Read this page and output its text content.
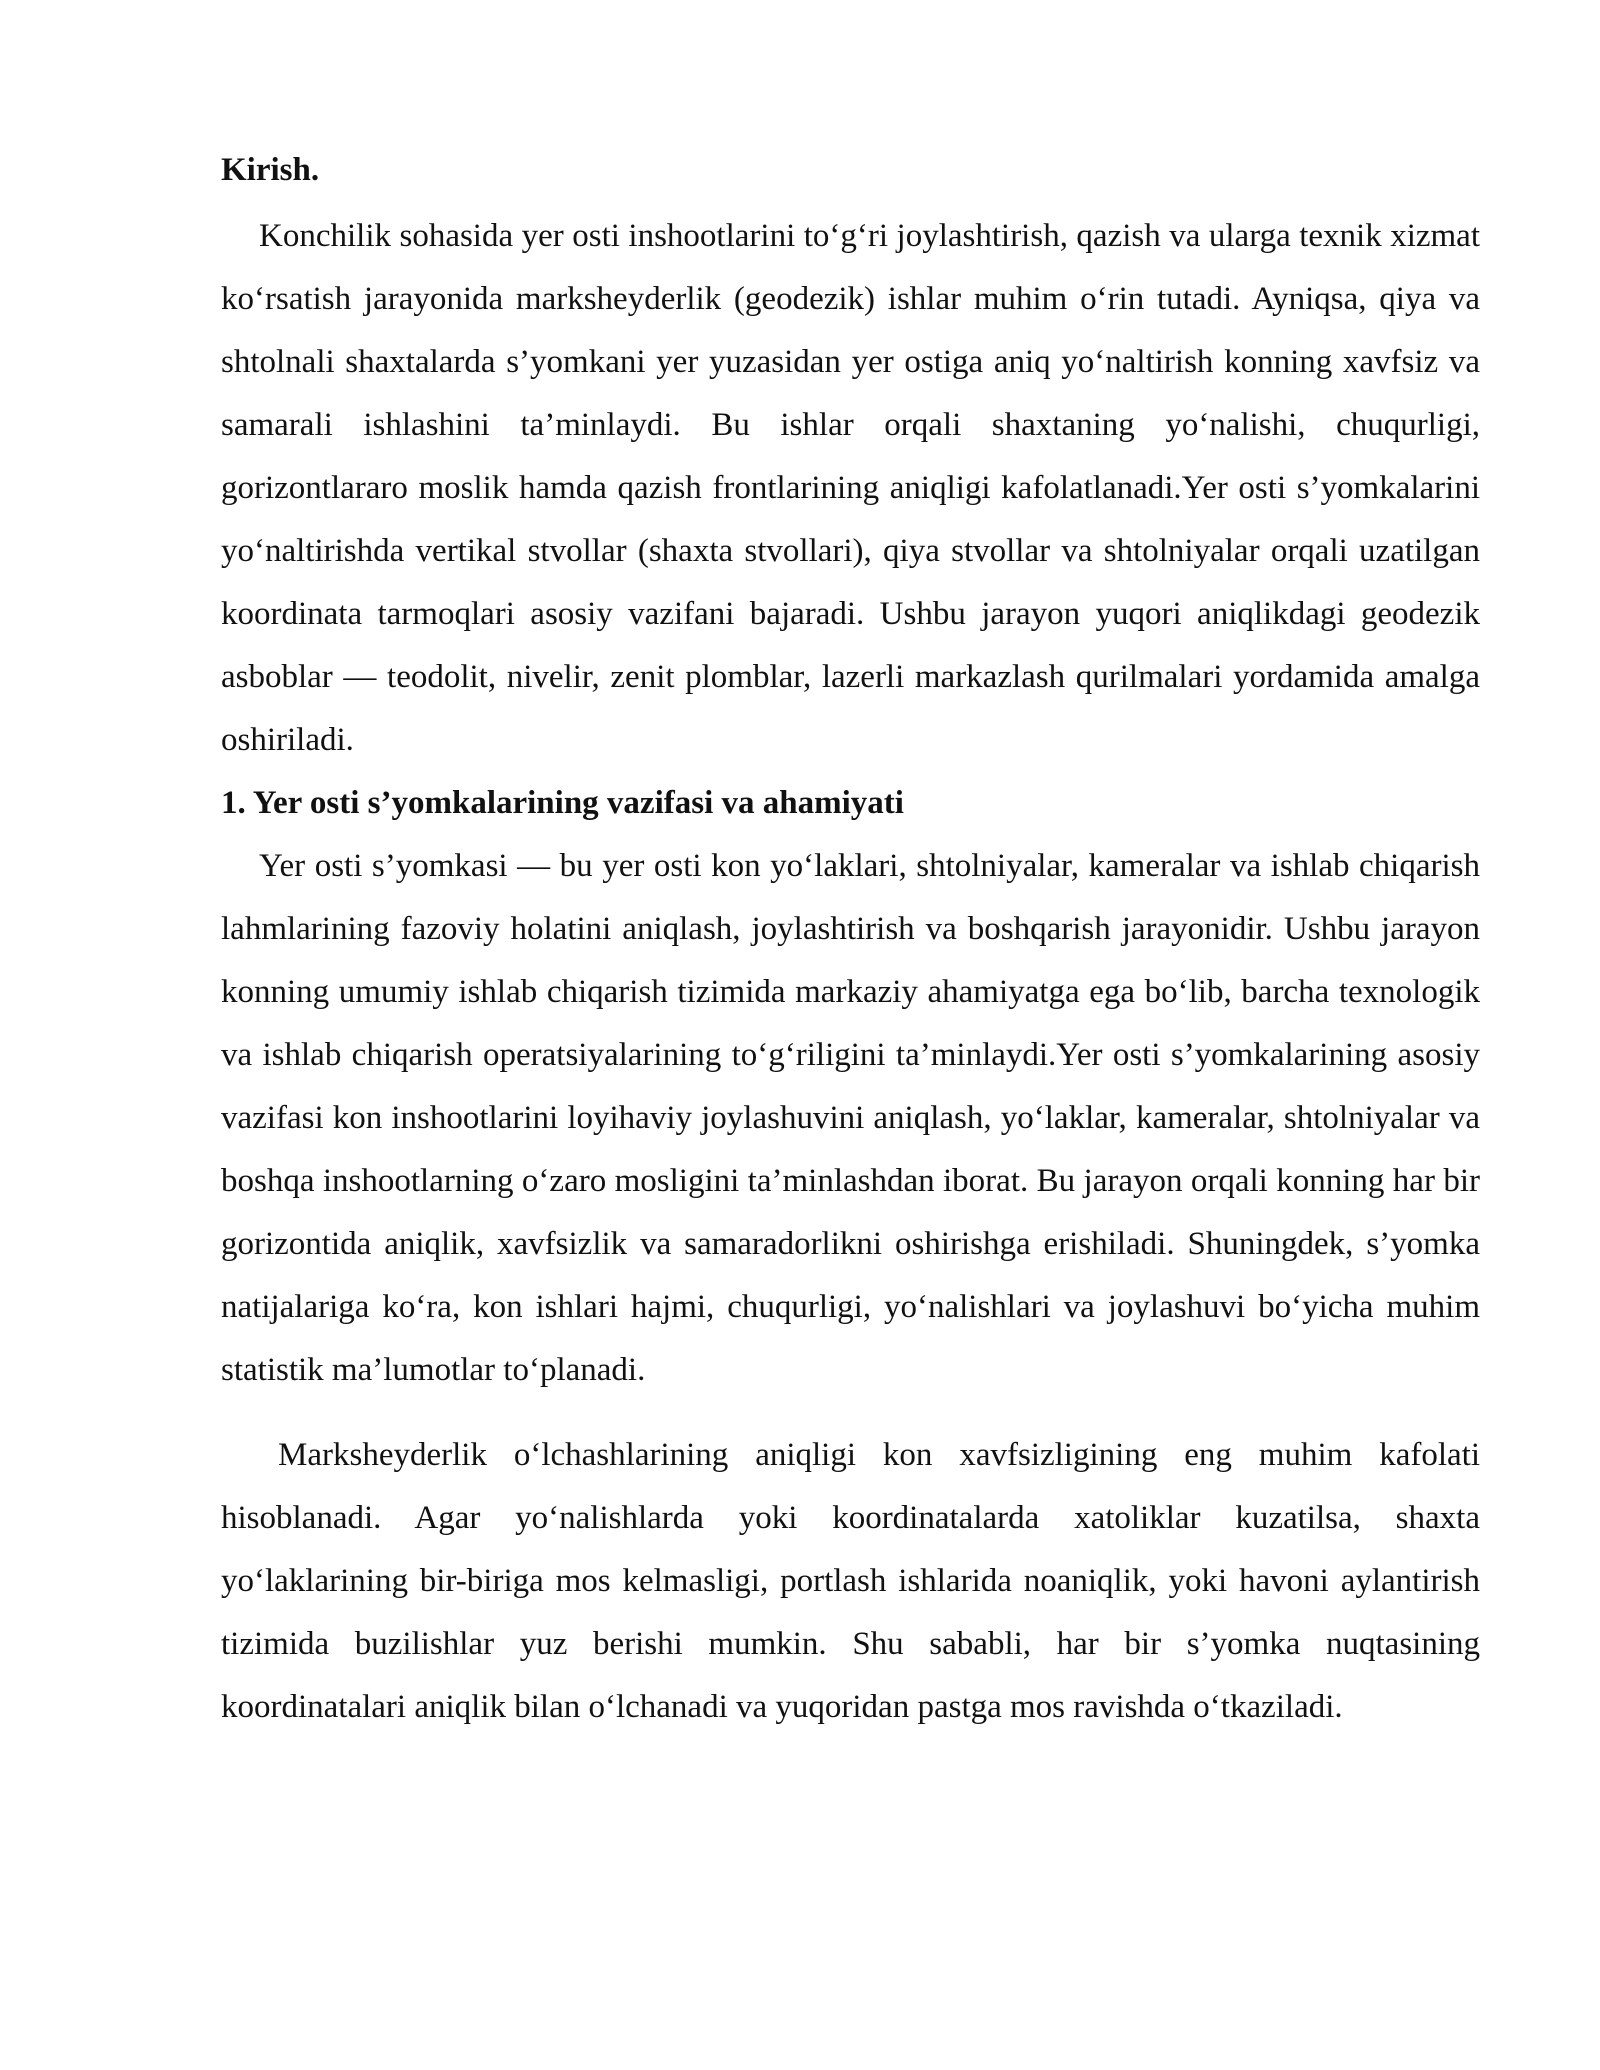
Kirish.

Konchilik sohasida yer osti inshootlarini to‘g‘ri joylashtirish, qazish va ularga texnik xizmat ko‘rsatish jarayonida marksheyderlik (geodezik) ishlar muhim o‘rin tutadi. Ayniqsa, qiya va shtolnali shaxtalarda s’yomkani yer yuzasidan yer ostiga aniq yo‘naltirish konning xavfsiz va samarali ishlashini ta’minlaydi. Bu ishlar orqali shaxtaning yo‘nalishi, chuqurligi, gorizontlararo moslik hamda qazish frontlarining aniqligi kafolatlanadi.Yer osti s’yomkalarini yo‘naltirishda vertikal stvollar (shaxta stvollari), qiya stvollar va shtolniyalar orqali uzatilgan koordinata tarmoqlari asosiy vazifani bajaradi. Ushbu jarayon yuqori aniqlikdagi geodezik asboblar — teodolit, nivelir, zenit plomblar, lazerli markazlash qurilmalari yordamida amalga oshiriladi.

1. Yer osti s’yomkalarining vazifasi va ahamiyati

Yer osti s’yomkasi — bu yer osti kon yo‘laklari, shtolniyalar, kameralar va ishlab chiqarish lahmlarining fazoviy holatini aniqlash, joylashtirish va boshqarish jarayonidir. Ushbu jarayon konning umumiy ishlab chiqarish tizimida markaziy ahamiyatga ega bo‘lib, barcha texnologik va ishlab chiqarish operatsiyalarining to‘g‘riligini ta’minlaydi.Yer osti s’yomkalarining asosiy vazifasi kon inshootlarini loyihaviy joylashuvini aniqlash, yo‘laklar, kameralar, shtolniyalar va boshqa inshootlarning o‘zaro mosligini ta’minlashdan iborat. Bu jarayon orqali konning har bir gorizontida aniqlik, xavfsizlik va samaradorlikni oshirishga erishiladi. Shuningdek, s’yomka natijalariga ko‘ra, kon ishlari hajmi, chuqurligi, yo‘nalishlari va joylashuvi bo‘yicha muhim statistik ma’lumotlar to‘planadi.

Marksheyderlik o‘lchashlarining aniqligi kon xavfsizligining eng muhim kafolati hisoblanadi. Agar yo‘nalishlarda yoki koordinatalarda xatoliklar kuzatilsa, shaxta yo‘laklarining bir-biriga mos kelmasligi, portlash ishlarida noaniqlik, yoki havoni aylantirish tizimida buzilishlar yuz berishi mumkin. Shu sababli, har bir s’yomka nuqtasining koordinatalari aniqlik bilan o‘lchanadi va yuqoridan pastga mos ravishda o‘tkaziladi.
